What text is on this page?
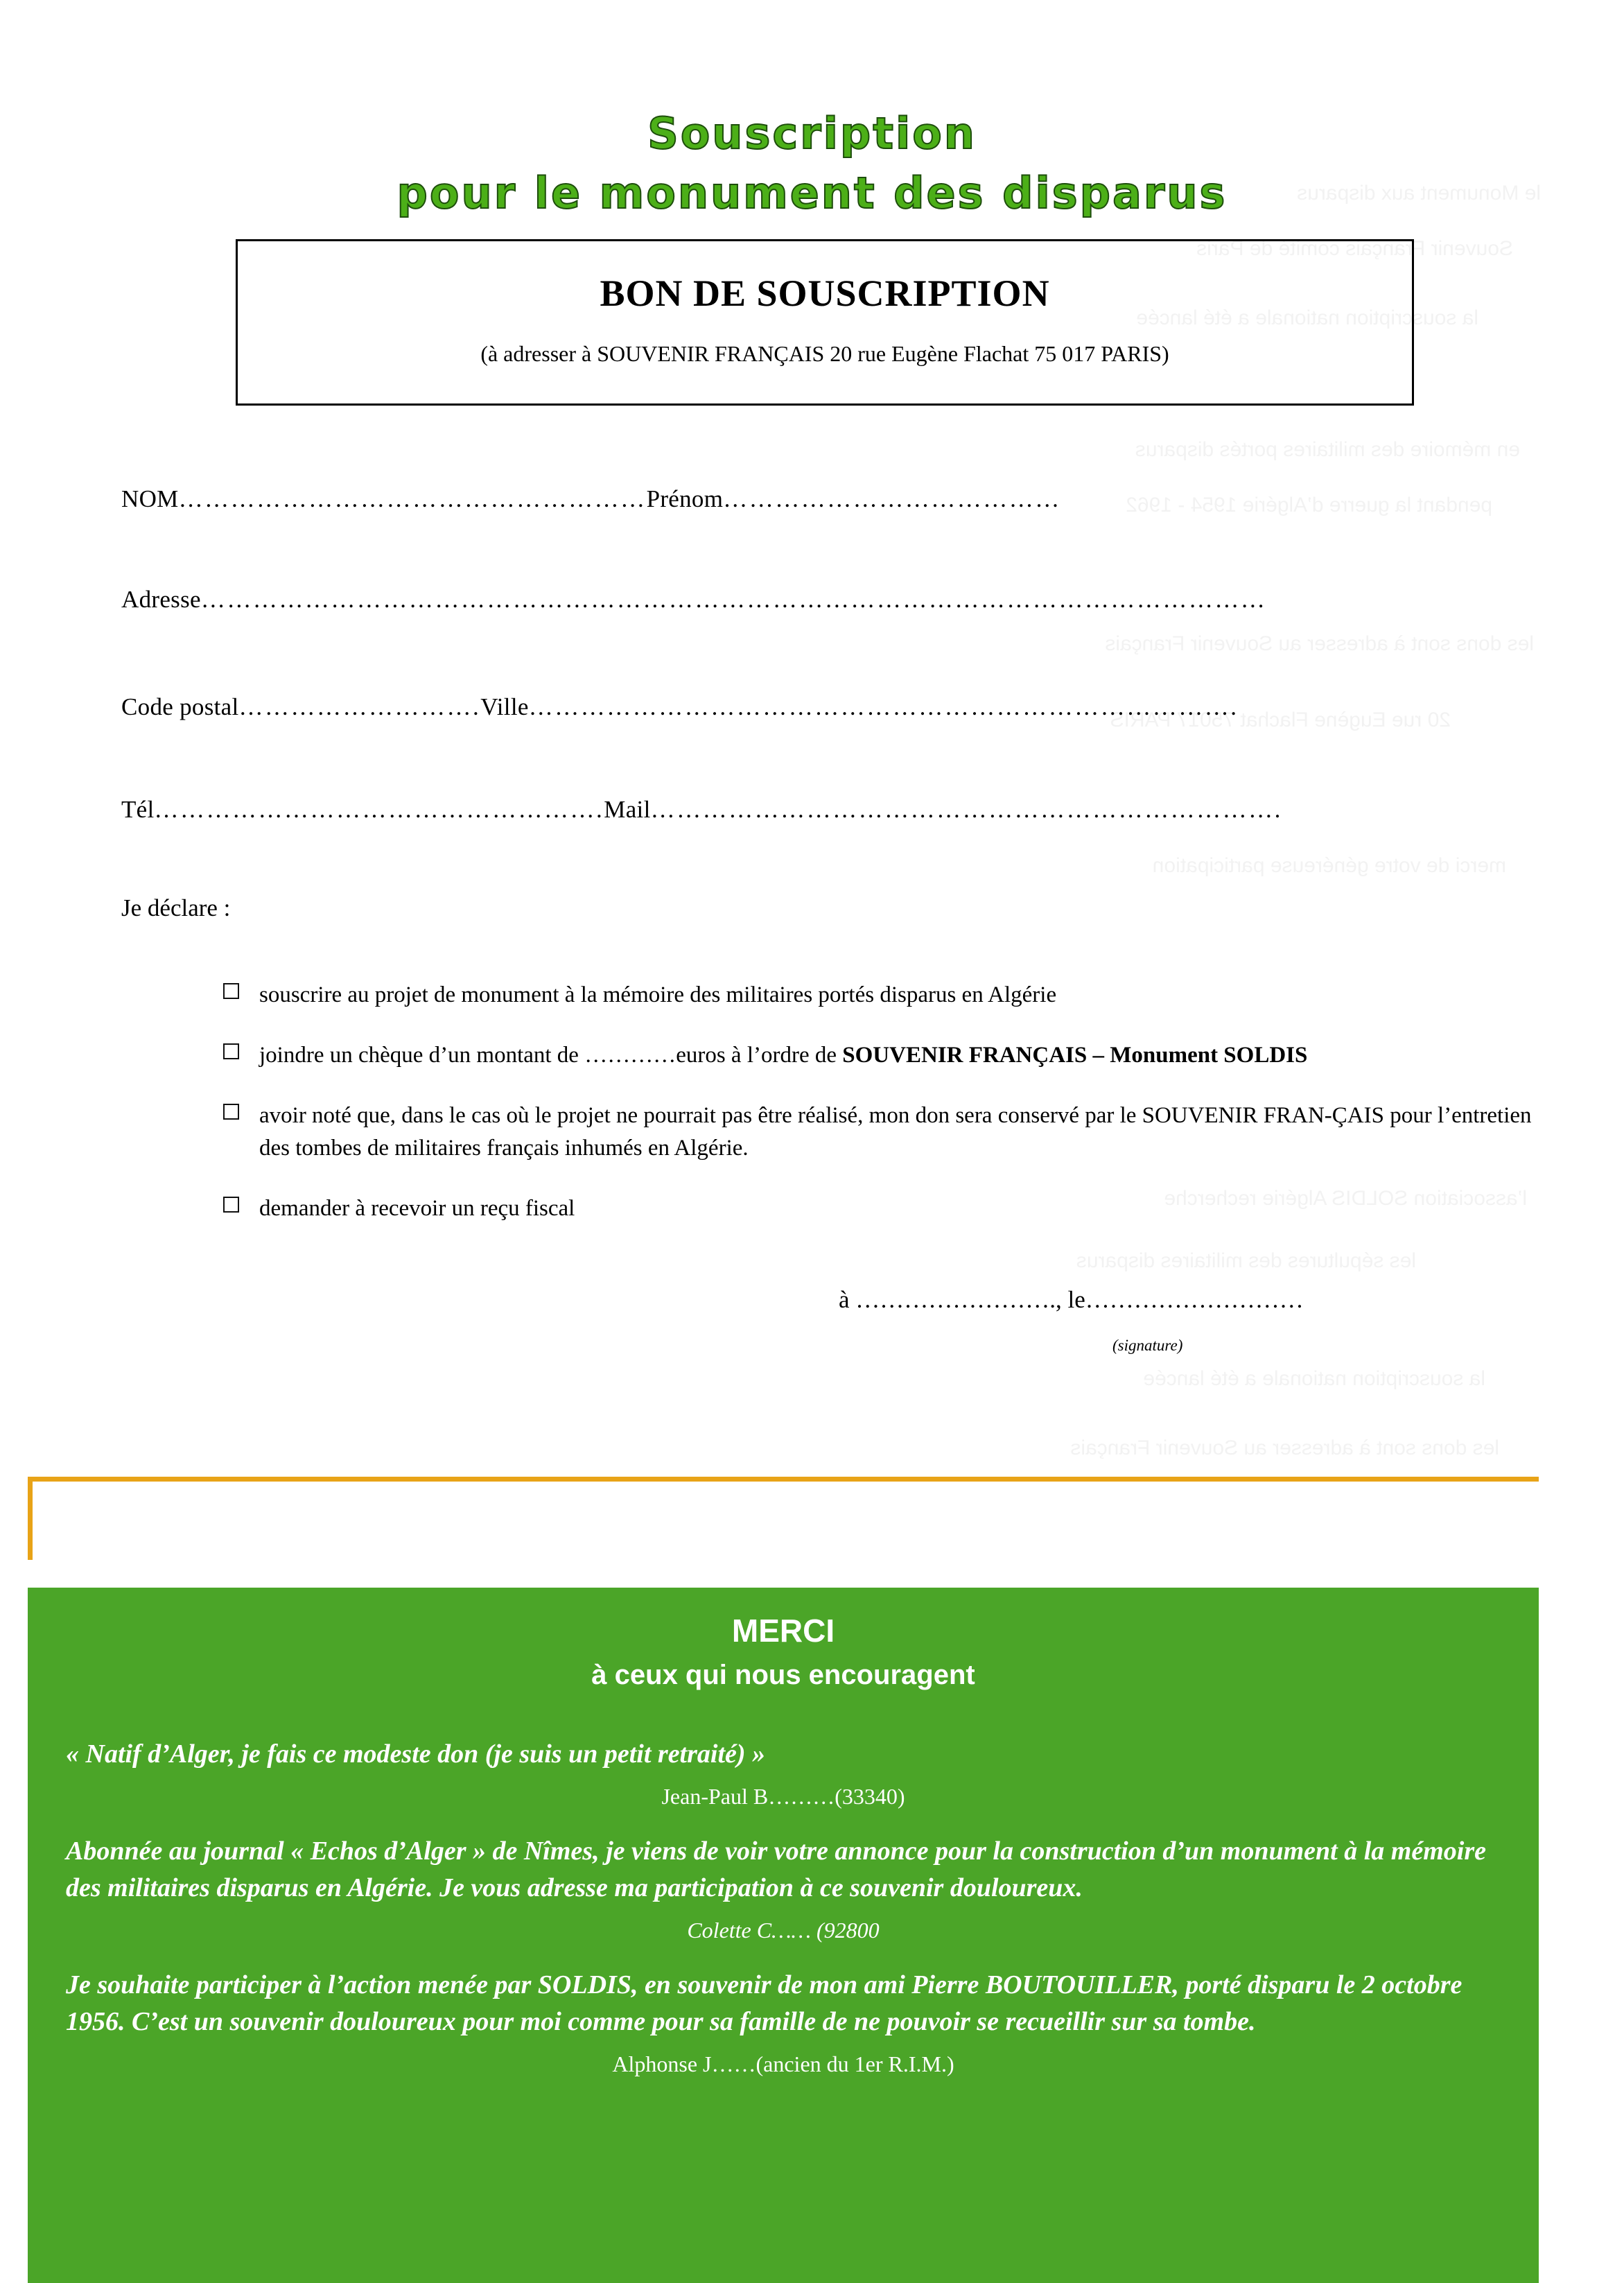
le Monument aux disparus
Souvenir Français comité de Paris
la souscription nationale a été lancée
en mémoire des militaires portés disparus
pendant la guerre d’Algérie 1954 - 1962
les dons sont à adresser au Souvenir Français
20 rue Eugène Flachat 75017 PARIS
merci de votre généreuse participation
l’association SOLDIS Algérie recherche
les sépultures des militaires disparus
la souscription nationale a été lancée
les dons sont à adresser au Souvenir Français
Souscription
pour le monument des disparus
BON DE SOUSCRIPTION
(à adresser à SOUVENIR FRANÇAIS 20 rue Eugène Flachat 75 017 PARIS)
NOM………………………………………………Prénom…………………………………
Adresse……………………………………………………………………………………………………………
Code postal……………………….Ville……………………………………………………………………….
Tél…………………………………………….Mail……………………………………………………………….
Je déclare :
souscrire au projet de monument à la mémoire des militaires portés disparus en Algérie
joindre un chèque d’un montant de …………euros à l’ordre de SOUVENIR FRANÇAIS – Monument SOLDIS
avoir noté que, dans le cas où le projet ne pourrait pas être réalisé, mon don sera conservé par le SOUVENIR FRAN-ÇAIS pour l’entretien des tombes de militaires français inhumés en Algérie.
demander à recevoir un reçu fiscal
à ……………………., le………………………
(signature)
MERCI
à ceux qui nous encouragent
« Natif d’Alger, je fais ce modeste don (je suis un petit retraité) »
Jean-Paul B………(33340)
Abonnée au journal « Echos d’Alger » de Nîmes, je viens de voir votre annonce pour la construction d’un monument à la mémoire des militaires disparus en Algérie. Je vous adresse ma participation à ce souvenir douloureux.
Colette C…… (92800
Je souhaite participer à l’action menée par SOLDIS, en souvenir de mon ami Pierre BOUTOUILLER, porté disparu le 2 octobre 1956. C’est un souvenir douloureux pour moi comme pour sa famille de ne pouvoir se recueillir sur sa tombe.
Alphonse J……(ancien du 1er R.I.M.)
